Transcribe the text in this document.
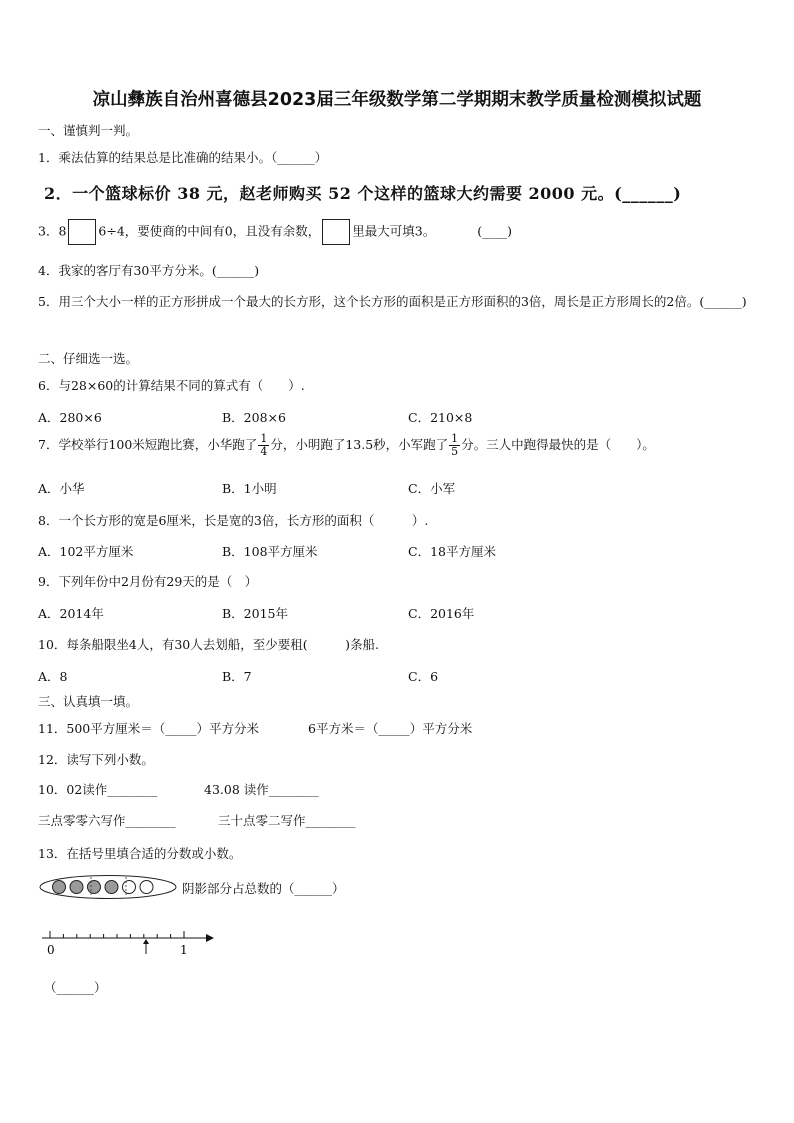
凉山彝族自治州喜德县2023届三年级数学第二学期期末教学质量检测模拟试题
一、谨慎判一判。
1．乘法估算的结果总是比准确的结果小。（______）
2．一个篮球标价 38 元，赵老师购买 52 个这样的篮球大约需要 2000 元。(______)
3．8	6÷4，要使商的中间有0，且没有余数，	里最大可填3。	(____)
4．我家的客厅有30平方分米。(______)
5．用三个大小一样的正方形拼成一个最大的长方形，这个长方形的面积是正方形面积的3倍，周长是正方形周长的2倍。(______)
二、仔细选一选。
6．与28×60的计算结果不同的算式有（　　）.
A．280×6	B．208×6	C．210×8
7．学校举行100米短跑比赛，小华跑了 $\frac{1}{4}$ 分，小明跑了13.5秒，小军跑了 $\frac{1}{5}$ 分。三人中跑得最快的是（　　）。
A．小华	B．1小明	C．小军
8．一个长方形的宽是6厘米，长是宽的3倍，长方形的面积（　　　）.
A．102平方厘米	B．108平方厘米	C．18平方厘米
9．下列年份中2月份有29天的是（　）
A．2014年	B．2015年	C．2016年
10．每条船限坐4人，有30人去划船，至少要租(　　　)条船.
A．8	B．7	C．6
三、认真填一填。
11．500平方厘米＝（_____）平方分米	6平方米＝（_____）平方分米
12．读写下列小数。
10．02读作________	43.08 读作________
三点零零六写作________	三十点零二写作________
13．在括号里填合适的分数或小数。
阴影部分占总数的（______）
0	1
（______）
